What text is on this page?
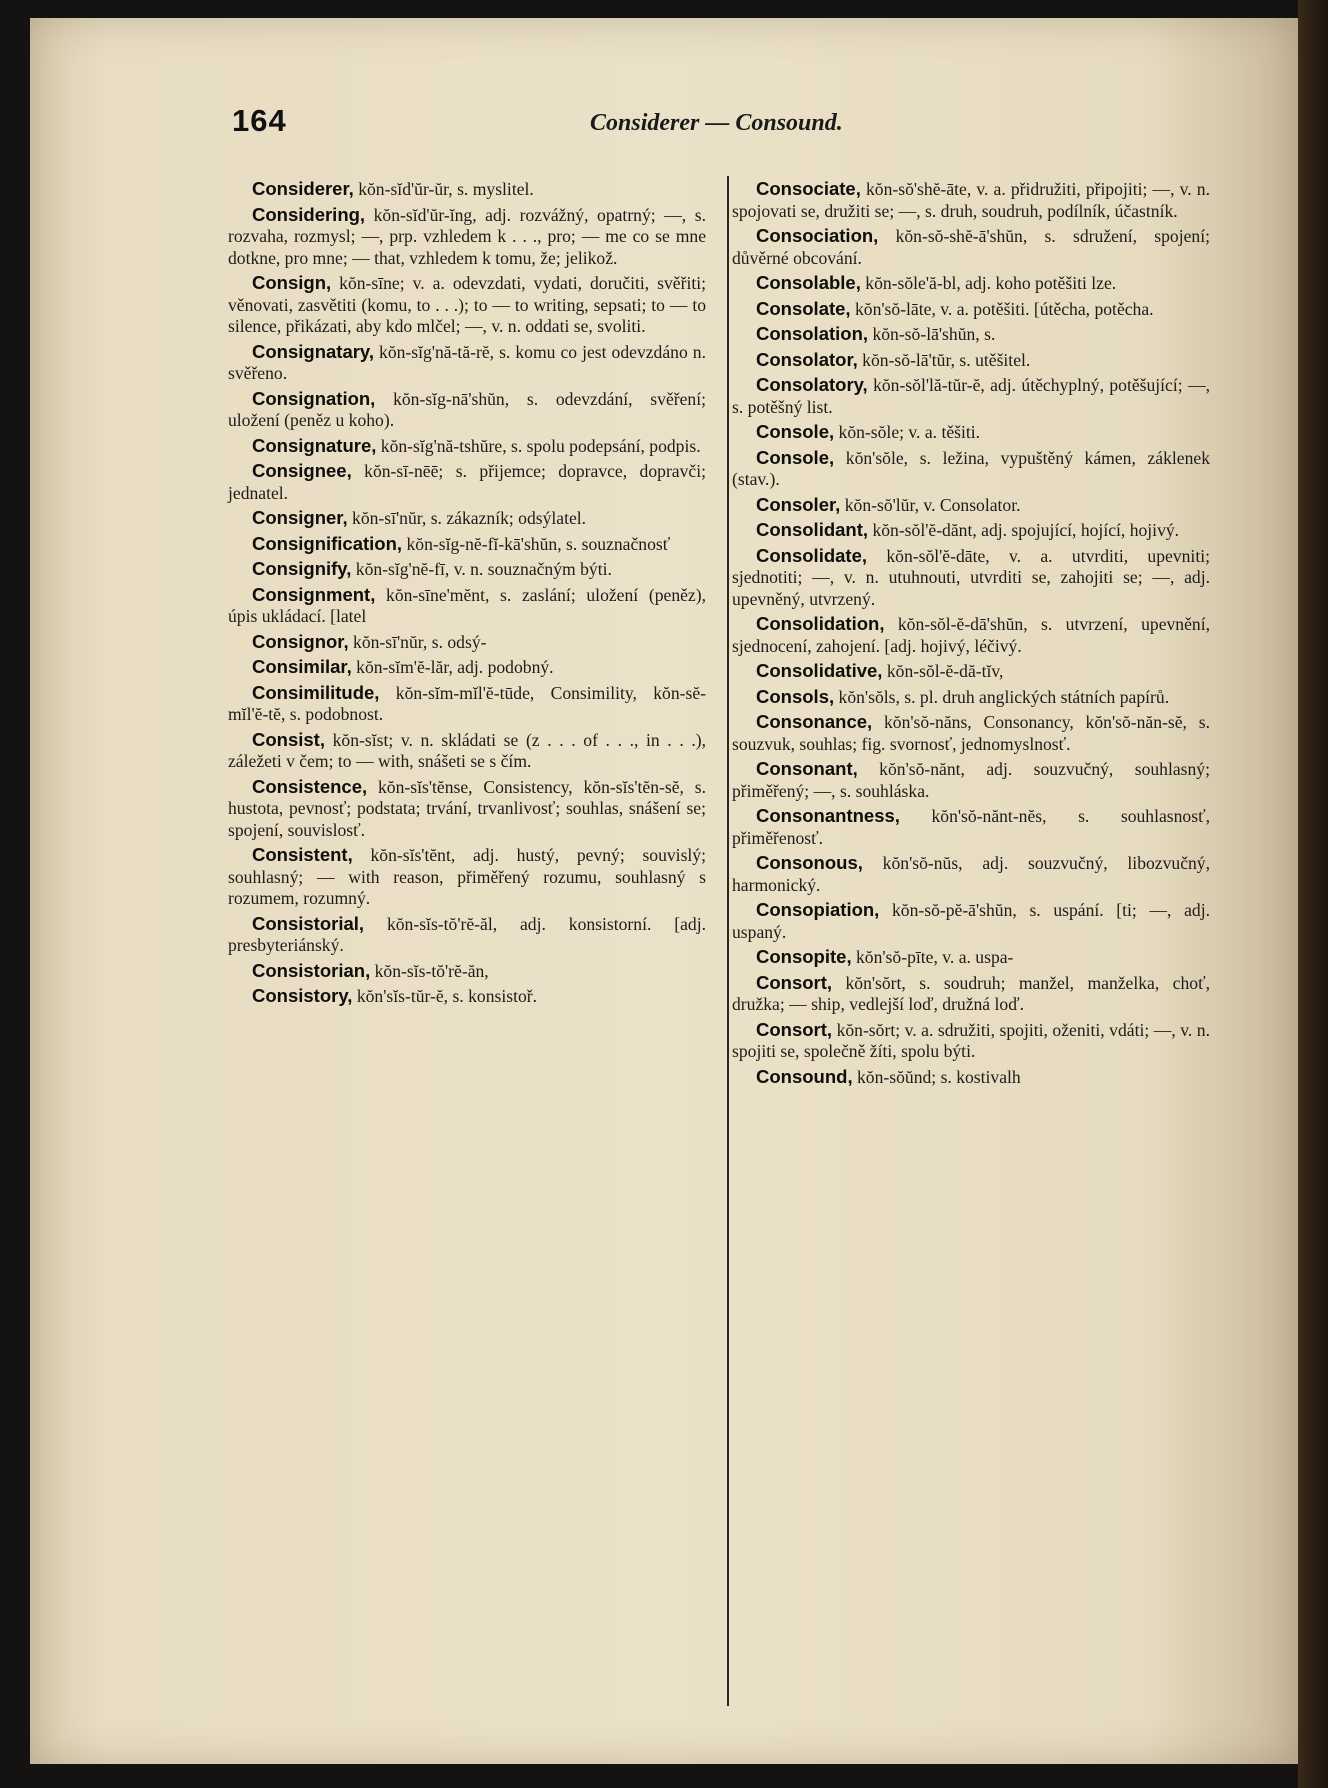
164	Considerer — Consound.
Considerer, kŏn-sĭd'ŭr-ŭr, s. myslitel.
Considering, kŏn-sĭd'ŭr-ĭng, adj. rozvážný, opatrný; —, s. rozvaha, rozmysl; —, prp. vzhledem k . . ., pro; — me co se mne dotkne, pro mne; — that, vzhledem k tomu, že; jelikož.
Consign, kŏn-sīne; v. a. odevzdati, vydati, doručiti, svěřiti; věnovati, zasvětiti (komu, to . . .); to — to writing, sepsati; to — to silence, přikázati, aby kdo mlčel; —, v. n. oddati se, svoliti.
Consignatary, kŏn-sĭg'nă-tă-rĕ, s. komu co jest odevzdáno n. svěřeno.
Consignation, kŏn-sĭg-nā'shŭn, s. odevzdání, svěření; uložení (peněz u koho).
Consignature, kŏn-sĭg'nă-tshŭre, s. spolu podepsání, podpis.
Consignee, kŏn-sī-nēē; s. přijemce; dopravce, dopravči; jednatel.
Consigner, kŏn-sī'nŭr, s. zákazník; odsýlatel.
Consignification, kŏn-sĭg-nĕ-fĭ-kā'shŭn, s. souznačnosť
Consignify, kŏn-sĭg'nĕ-fī, v. n. souznačným býti.
Consignment, kŏn-sīne'mĕnt, s. zaslání; uložení (peněz), úpis ukládací. [latel
Consignor, kŏn-sī'nŭr, s. odsý-
Consimilar, kŏn-sĭm'ĕ-lăr, adj. podobný.
Consimilitude, kŏn-sĭm-mĭl'ĕ-tūde, Consimility, kŏn-sĕ-mĭl'ĕ-tĕ, s. podobnost.
Consist, kŏn-sĭst; v. n. skládati se (z . . . of . . ., in . . .), záležeti v čem; to — with, snášeti se s čím.
Consistence, kŏn-sĭs'tĕnse, Consistency, kŏn-sĭs'tĕn-sĕ, s. hustota, pevnosť; podstata; trvání, trvanlivosť; souhlas, snášení se; spojení, souvislosť.
Consistent, kŏn-sĭs'tĕnt, adj. hustý, pevný; souvislý; souhlasný; — with reason, přiměřený rozumu, souhlasný s rozumem, rozumný.
Consistorial, kŏn-sĭs-tŏ'rĕ-ăl, adj. konsistorní. [adj. presbyteriánský.
Consistorian, kŏn-sĭs-tŏ'rĕ-ăn,
Consistory, kŏn'sĭs-tŭr-ĕ, s. konsistoř.
Consociate, kŏn-sŏ'shĕ-āte, v. a. přidružiti, připojiti; —, v. n. spojovati se, družiti se; —, s. druh, soudruh, podílník, účastník.
Consociation, kŏn-sŏ-shĕ-ā'shŭn, s. sdružení, spojení; důvěrné obcování.
Consolable, kŏn-sŏle'ă-bl, adj. koho potěšiti lze.
Consolate, kŏn'sŏ-lāte, v. a. potěšiti. [útěcha, potěcha.
Consolation, kŏn-sŏ-lā'shŭn, s.
Consolator, kŏn-sŏ-lā'tŭr, s. utěšitel.
Consolatory, kŏn-sŏl'lă-tŭr-ĕ, adj. útěchyplný, potěšující; —, s. potěšný list.
Console, kŏn-sŏle; v. a. těšiti.
Console, kŏn'sŏle, s. ležina, vypuštěný kámen, záklenek (stav.).
Consoler, kŏn-sŏ'lŭr, v. Consolator.
Consolidant, kŏn-sŏl'ĕ-dănt, adj. spojující, hojící, hojivý.
Consolidate, kŏn-sŏl'ĕ-dāte, v. a. utvrditi, upevniti; sjednotiti; —, v. n. utuhnouti, utvrditi se, zahojiti se; —, adj. upevněný, utvrzený.
Consolidation, kŏn-sŏl-ĕ-dā'shŭn, s. utvrzení, upevnění, sjednocení, zahojení. [adj. hojivý, léčivý.
Consolidative, kŏn-sŏl-ĕ-dă-tĭv,
Consols, kŏn'sŏls, s. pl. druh anglických státních papírů.
Consonance, kŏn'sŏ-năns, Consonancy, kŏn'sŏ-năn-sĕ, s. souzvuk, souhlas; fig. svornosť, jednomyslnosť.
Consonant, kŏn'sŏ-nănt, adj. souzvučný, souhlasný; přiměřený; —, s. souhláska.
Consonantness, kŏn'sŏ-nănt-nĕs, s. souhlasnosť, přiměřenosť.
Consonous, kŏn'sŏ-nŭs, adj. souzvučný, libozvučný, harmonický.
Consopiation, kŏn-sŏ-pĕ-ā'shŭn, s. uspání. [ti; —, adj. uspaný.
Consopite, kŏn'sŏ-pīte, v. a. uspa-
Consort, kŏn'sŏrt, s. soudruh; manžel, manželka, choť, družka; — ship, vedlejší loď, družná loď.
Consort, kŏn-sŏrt; v. a. sdružiti, spojiti, oženiti, vdáti; —, v. n. spojiti se, společně žíti, spolu býti.
Consound, kŏn-sŏŭnd; s. kostivalh
